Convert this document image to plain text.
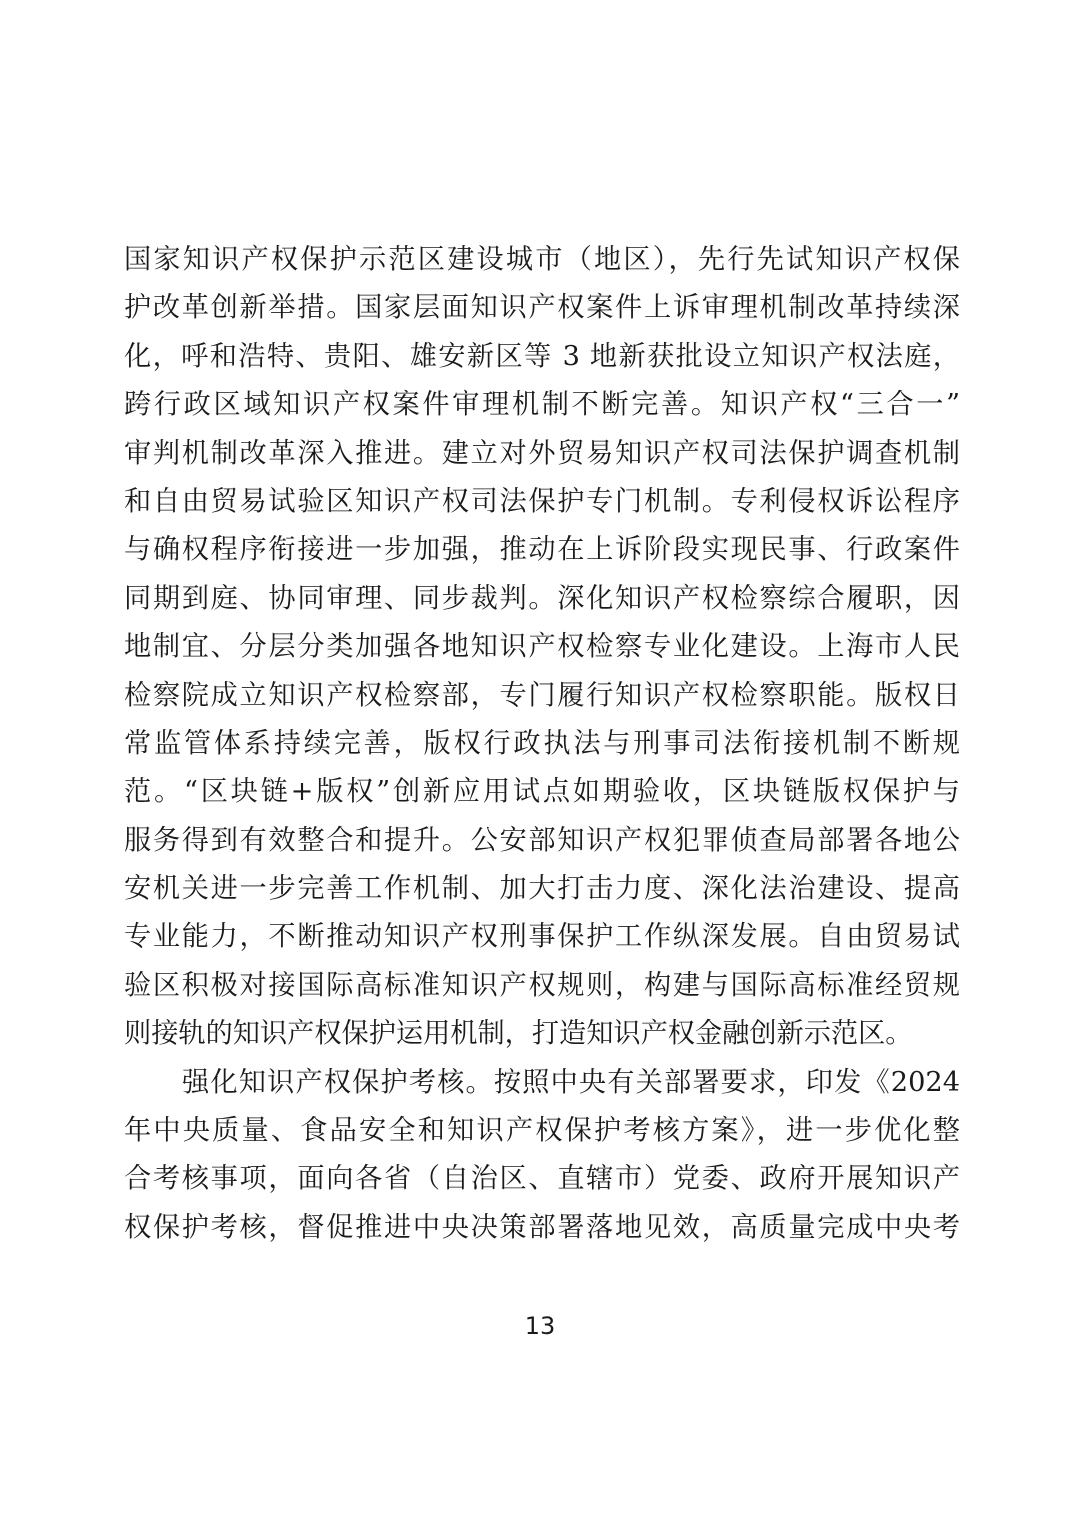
国家知识产权保护示范区建设城市（地区），先行先试知识产权保
护改革创新举措。国家层面知识产权案件上诉审理机制改革持续深
化，呼和浩特、贵阳、雄安新区等 3 地新获批设立知识产权法庭，
跨行政区域知识产权案件审理机制不断完善。知识产权“三合一”
审判机制改革深入推进。建立对外贸易知识产权司法保护调查机制
和自由贸易试验区知识产权司法保护专门机制。专利侵权诉讼程序
与确权程序衔接进一步加强，推动在上诉阶段实现民事、行政案件
同期到庭、协同审理、同步裁判。深化知识产权检察综合履职，因
地制宜、分层分类加强各地知识产权检察专业化建设。上海市人民
检察院成立知识产权检察部，专门履行知识产权检察职能。版权日
常监管体系持续完善，版权行政执法与刑事司法衔接机制不断规
范。“区块链+版权”创新应用试点如期验收，区块链版权保护与
服务得到有效整合和提升。公安部知识产权犯罪侦查局部署各地公
安机关进一步完善工作机制、加大打击力度、深化法治建设、提高
专业能力，不断推动知识产权刑事保护工作纵深发展。自由贸易试
验区积极对接国际高标准知识产权规则，构建与国际高标准经贸规
则接轨的知识产权保护运用机制，打造知识产权金融创新示范区。
强化知识产权保护考核。按照中央有关部署要求，印发《2024
年中央质量、食品安全和知识产权保护考核方案》，进一步优化整
合考核事项，面向各省（自治区、直辖市）党委、政府开展知识产
权保护考核，督促推进中央决策部署落地见效，高质量完成中央考
13
